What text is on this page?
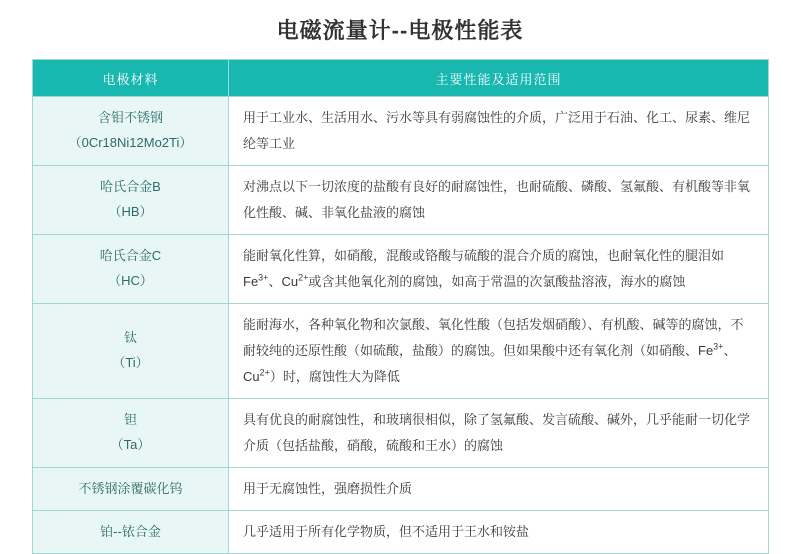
电磁流量计--电极性能表
电极材料	主要性能及适用范围
含钼不锈钢
（0Cr18Ni12Mo2Ti）	用于工业水、生活用水、污水等具有弱腐蚀性的介质，广泛用于石油、化工、尿素、维尼纶等工业
哈氏合金B
（HB）	对沸点以下一切浓度的盐酸有良好的耐腐蚀性，也耐硫酸、磷酸、氢氟酸、有机酸等非氧化性酸、碱、非氧化盐液的腐蚀
哈氏合金C
（HC）	能耐氧化性算，如硝酸，混酸或铬酸与硫酸的混合介质的腐蚀，也耐氧化性的腿泪如$Fe^{3+}$、$Cu^{2+}$或含其他氧化剂的腐蚀，如高于常温的次氯酸盐溶液，海水的腐蚀
钛
（Ti）	能耐海水，各种氧化物和次氯酸、氧化性酸（包括发烟硝酸）、有机酸、碱等的腐蚀，不耐较纯的还原性酸（如硫酸，盐酸）的腐蚀。但如果酸中还有氧化剂（如硝酸、$Fe^{3+}$、$Cu^{2+}$）时，腐蚀性大为降低
钽
（Ta）	具有优良的耐腐蚀性，和玻璃很相似，除了氢氟酸、发言硫酸、碱外，几乎能耐一切化学介质（包括盐酸，硝酸，硫酸和王水）的腐蚀
不锈钢涂覆碳化钨	用于无腐蚀性，强磨损性介质
铂--铱合金	几乎适用于所有化学物质，但不适用于王水和铵盐
